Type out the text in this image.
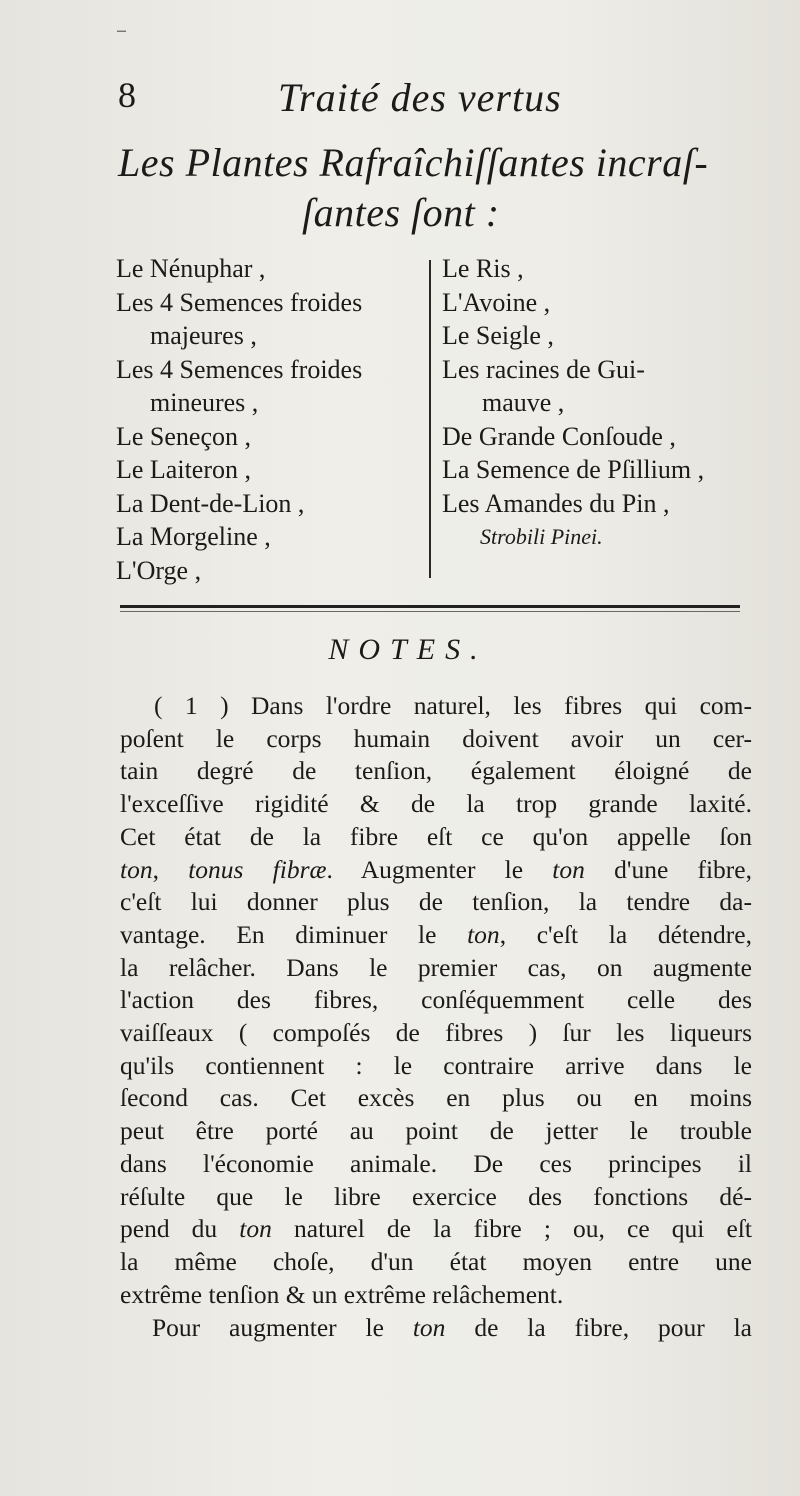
–
8	Traité des vertus
Les Plantes Rafraîchiſſantes incraſ-
ſantes ſont :
Le Nénuphar ,
Les 4 Semences froides
majeures ,
Les 4 Semences froides
mineures ,
Le Seneçon ,
Le Laiteron ,
La Dent-de-Lion ,
La Morgeline ,
L'Orge ,
Le Ris ,
L'Avoine ,
Le Seigle ,
Les racines de Gui-
mauve ,
De Grande Conſoude ,
La Semence de Pſillium ,
Les Amandes du Pin ,
Strobili Pinei.
NOTES.
( 1 ) Dans l'ordre naturel, les fibres qui com-
poſent le corps humain doivent avoir un cer-
tain degré de tenſion, également éloigné de
l'exceſſive rigidité & de la trop grande laxité.
Cet état de la fibre eſt ce qu'on appelle ſon
ton, tonus fibræ. Augmenter le ton d'une fibre,
c'eſt lui donner plus de tenſion, la tendre da-
vantage. En diminuer le ton, c'eſt la détendre,
la relâcher. Dans le premier cas, on augmente
l'action des fibres, conſéquemment celle des
vaiſſeaux ( compoſés de fibres ) ſur les liqueurs
qu'ils contiennent : le contraire arrive dans le
ſecond cas. Cet excès en plus ou en moins
peut être porté au point de jetter le trouble
dans l'économie animale. De ces principes il
réſulte que le libre exercice des fonctions dé-
pend du ton naturel de la fibre ; ou, ce qui eſt
la même choſe, d'un état moyen entre une
extrême tenſion & un extrême relâchement.
Pour augmenter le ton de la fibre, pour la
